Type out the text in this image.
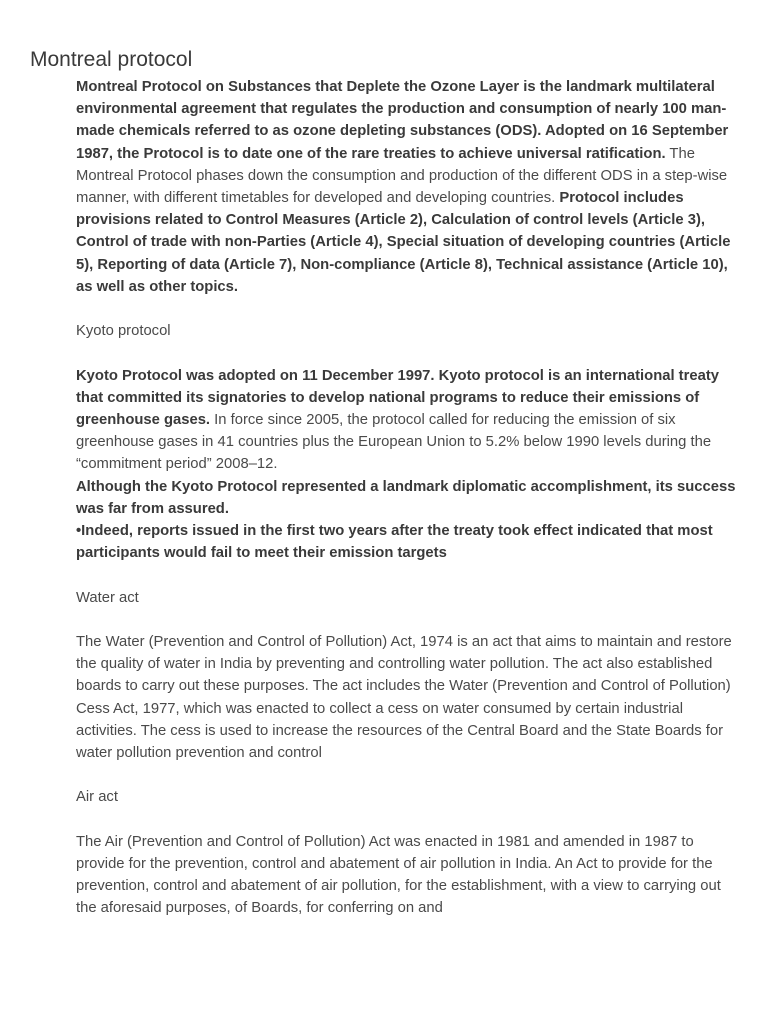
Montreal protocol

Montreal Protocol on Substances that Deplete the Ozone Layer is the landmark multilateral environmental agreement that regulates the production and consumption of nearly 100 man-made chemicals referred to as ozone depleting substances (ODS). Adopted on 16 September 1987, the Protocol is to date one of the rare treaties to achieve universal ratification. The Montreal Protocol phases down the consumption and production of the different ODS in a step-wise manner, with different timetables for developed and developing countries. Protocol includes provisions related to Control Measures (Article 2), Calculation of control levels (Article 3), Control of trade with non-Parties (Article 4), Special situation of developing countries (Article 5), Reporting of data (Article 7), Non-compliance (Article 8), Technical assistance (Article 10), as well as other topics.

Kyoto protocol

Kyoto Protocol was adopted on 11 December 1997. Kyoto protocol is an international treaty that committed its signatories to develop national programs to reduce their emissions of greenhouse gases. In force since 2005, the protocol called for reducing the emission of six greenhouse gases in 41 countries plus the European Union to 5.2% below 1990 levels during the “commitment period” 2008–12.

Although the Kyoto Protocol represented a landmark diplomatic accomplishment, its success was far from assured.

•Indeed, reports issued in the first two years after the treaty took effect indicated that most participants would fail to meet their emission targets

Water act

The Water (Prevention and Control of Pollution) Act, 1974 is an act that aims to maintain and restore the quality of water in India by preventing and controlling water pollution. The act also established boards to carry out these purposes. The act includes the Water (Prevention and Control of Pollution) Cess Act, 1977, which was enacted to collect a cess on water consumed by certain industrial activities. The cess is used to increase the resources of the Central Board and the State Boards for water pollution prevention and control

Air act

The Air (Prevention and Control of Pollution) Act was enacted in 1981 and amended in 1987 to provide for the prevention, control and abatement of air pollution in India. An Act to provide for the prevention, control and abatement of air pollution, for the establishment, with a view to carrying out the aforesaid purposes, of Boards, for conferring on and
